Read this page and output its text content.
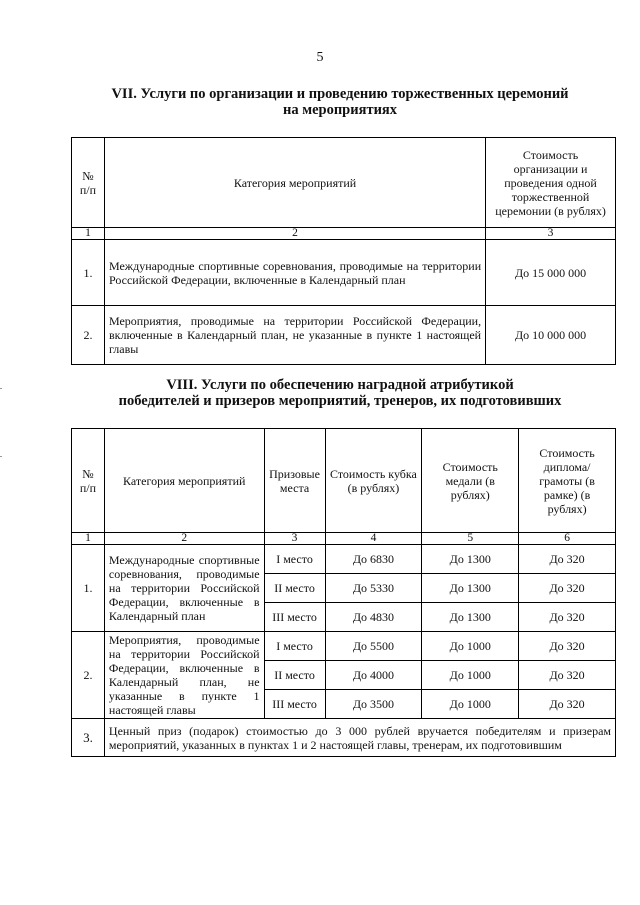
5
VII. Услуги по организации и проведению торжественных церемоний
на мероприятиях
№ п/п	Категория мероприятий	Стоимость организации и проведения одной торжественной церемонии (в рублях)
1	2	3
1.	Международные спортивные соревнования, проводимые на территории Российской Федерации, включенные в Календарный план	До 15 000 000
2.	Мероприятия, проводимые на территории Российской Федерации, включенные в Календарный план, не указанные в пункте 1 настоящей главы	До 10 000 000
VIII. Услуги по обеспечению наградной атрибутикой
победителей и призеров мероприятий, тренеров, их подготовивших
№ п/п	Категория мероприятий	Призовые места	Стоимость кубка (в рублях)	Стоимость медали (в рублях)	Стоимость диплома/ грамоты (в рамке) (в рублях)
1	2	3	4	5	6
1.	Международные спортивные соревнования, проводимые на территории Российской Федерации, включенные в Календарный план	I место	До 6830	До 1300	До 320
		II место	До 5330	До 1300	До 320
		III место	До 4830	До 1300	До 320
2.	Мероприятия, проводимые на территории Российской Федерации, включенные в Календарный план, не указанные в пункте 1 настоящей главы	I место	До 5500	До 1000	До 320
		II место	До 4000	До 1000	До 320
		III место	До 3500	До 1000	До 320
3.	Ценный приз (подарок) стоимостью до 3 000 рублей вручается победителям и призерам мероприятий, указанных в пунктах 1 и 2 настоящей главы, тренерам, их подготовившим				
